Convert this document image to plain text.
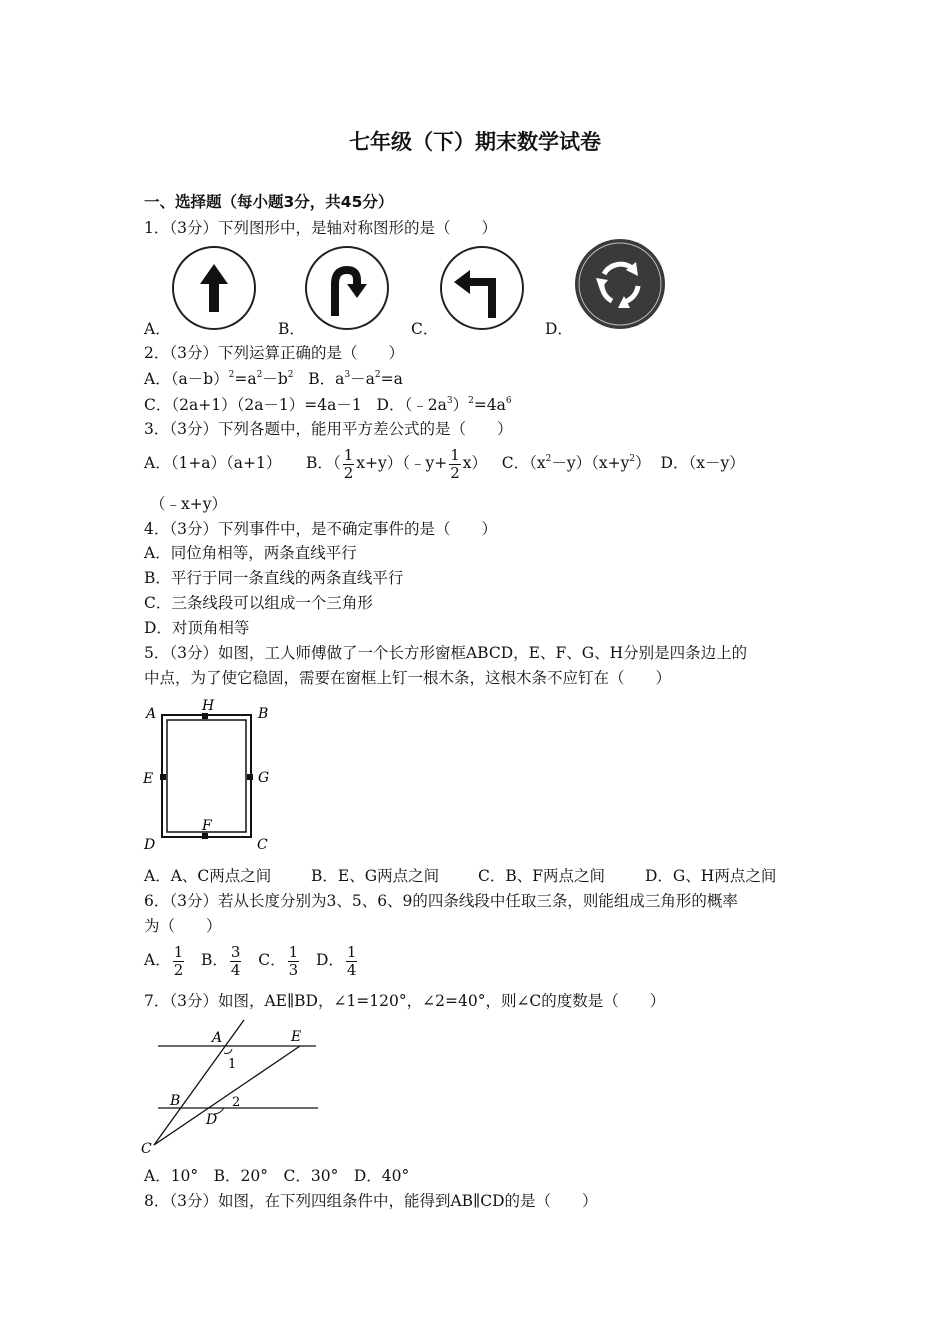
七年级（下）期末数学试卷
一、选择题（每小题3分，共45分）
1．（3分）下列图形中，是轴对称图形的是（　　）
A．	B．	C．	D．
2．（3分）下列运算正确的是（　　）
A．$(a-b)^2=a^2-b^2$ B．$a^3-a^2=a$
C．（2a+1）（2a－1）=4a－1 D．$(﹣2a^3)^2=4a^6$
3．（3分）下列各题中，能用平方差公式的是（　　）
A．（1+a）（a+1） B．（ $\frac{1}{2}$ x+y）（﹣y+ $\frac{1}{2} x$） C．$(x^2-y)(x+y^2)$ D．（x－y）
（﹣x+y）
4．（3分）下列事件中，是不确定事件的是（　　）
A．同位角相等，两条直线平行
B．平行于同一条直线的两条直线平行
C．三条线段可以组成一个三角形
D．对顶角相等
5．（3分）如图，工人师傅做了一个长方形窗框ABCD，E、F、G、H分别是四条边上的
中点，为了使它稳固，需要在窗框上钉一根木条，这根木条不应钉在（　　）
A	H	B
E	G
F
D	C
A．A、C两点之间	B．E、G两点之间	C．B、F两点之间	D．G、H两点之间
6．（3分）若从长度分别为3、5、6、9的四条线段中任取三条，则能组成三角形的概率
为（　　）
A． $\frac{1}{2}$ B． $\frac{3}{4}$ C． $\frac{1}{3}$ D． $\frac{1}{4}$
7．（3分）如图，AE∥BD，∠1=120°，∠2=40°，则∠C的度数是（　　）
A	E
1
B	2
D
C
A．10°　B．20°　C．30°　D．40°
8．（3分）如图，在下列四组条件中，能得到AB∥CD的是（　　）
